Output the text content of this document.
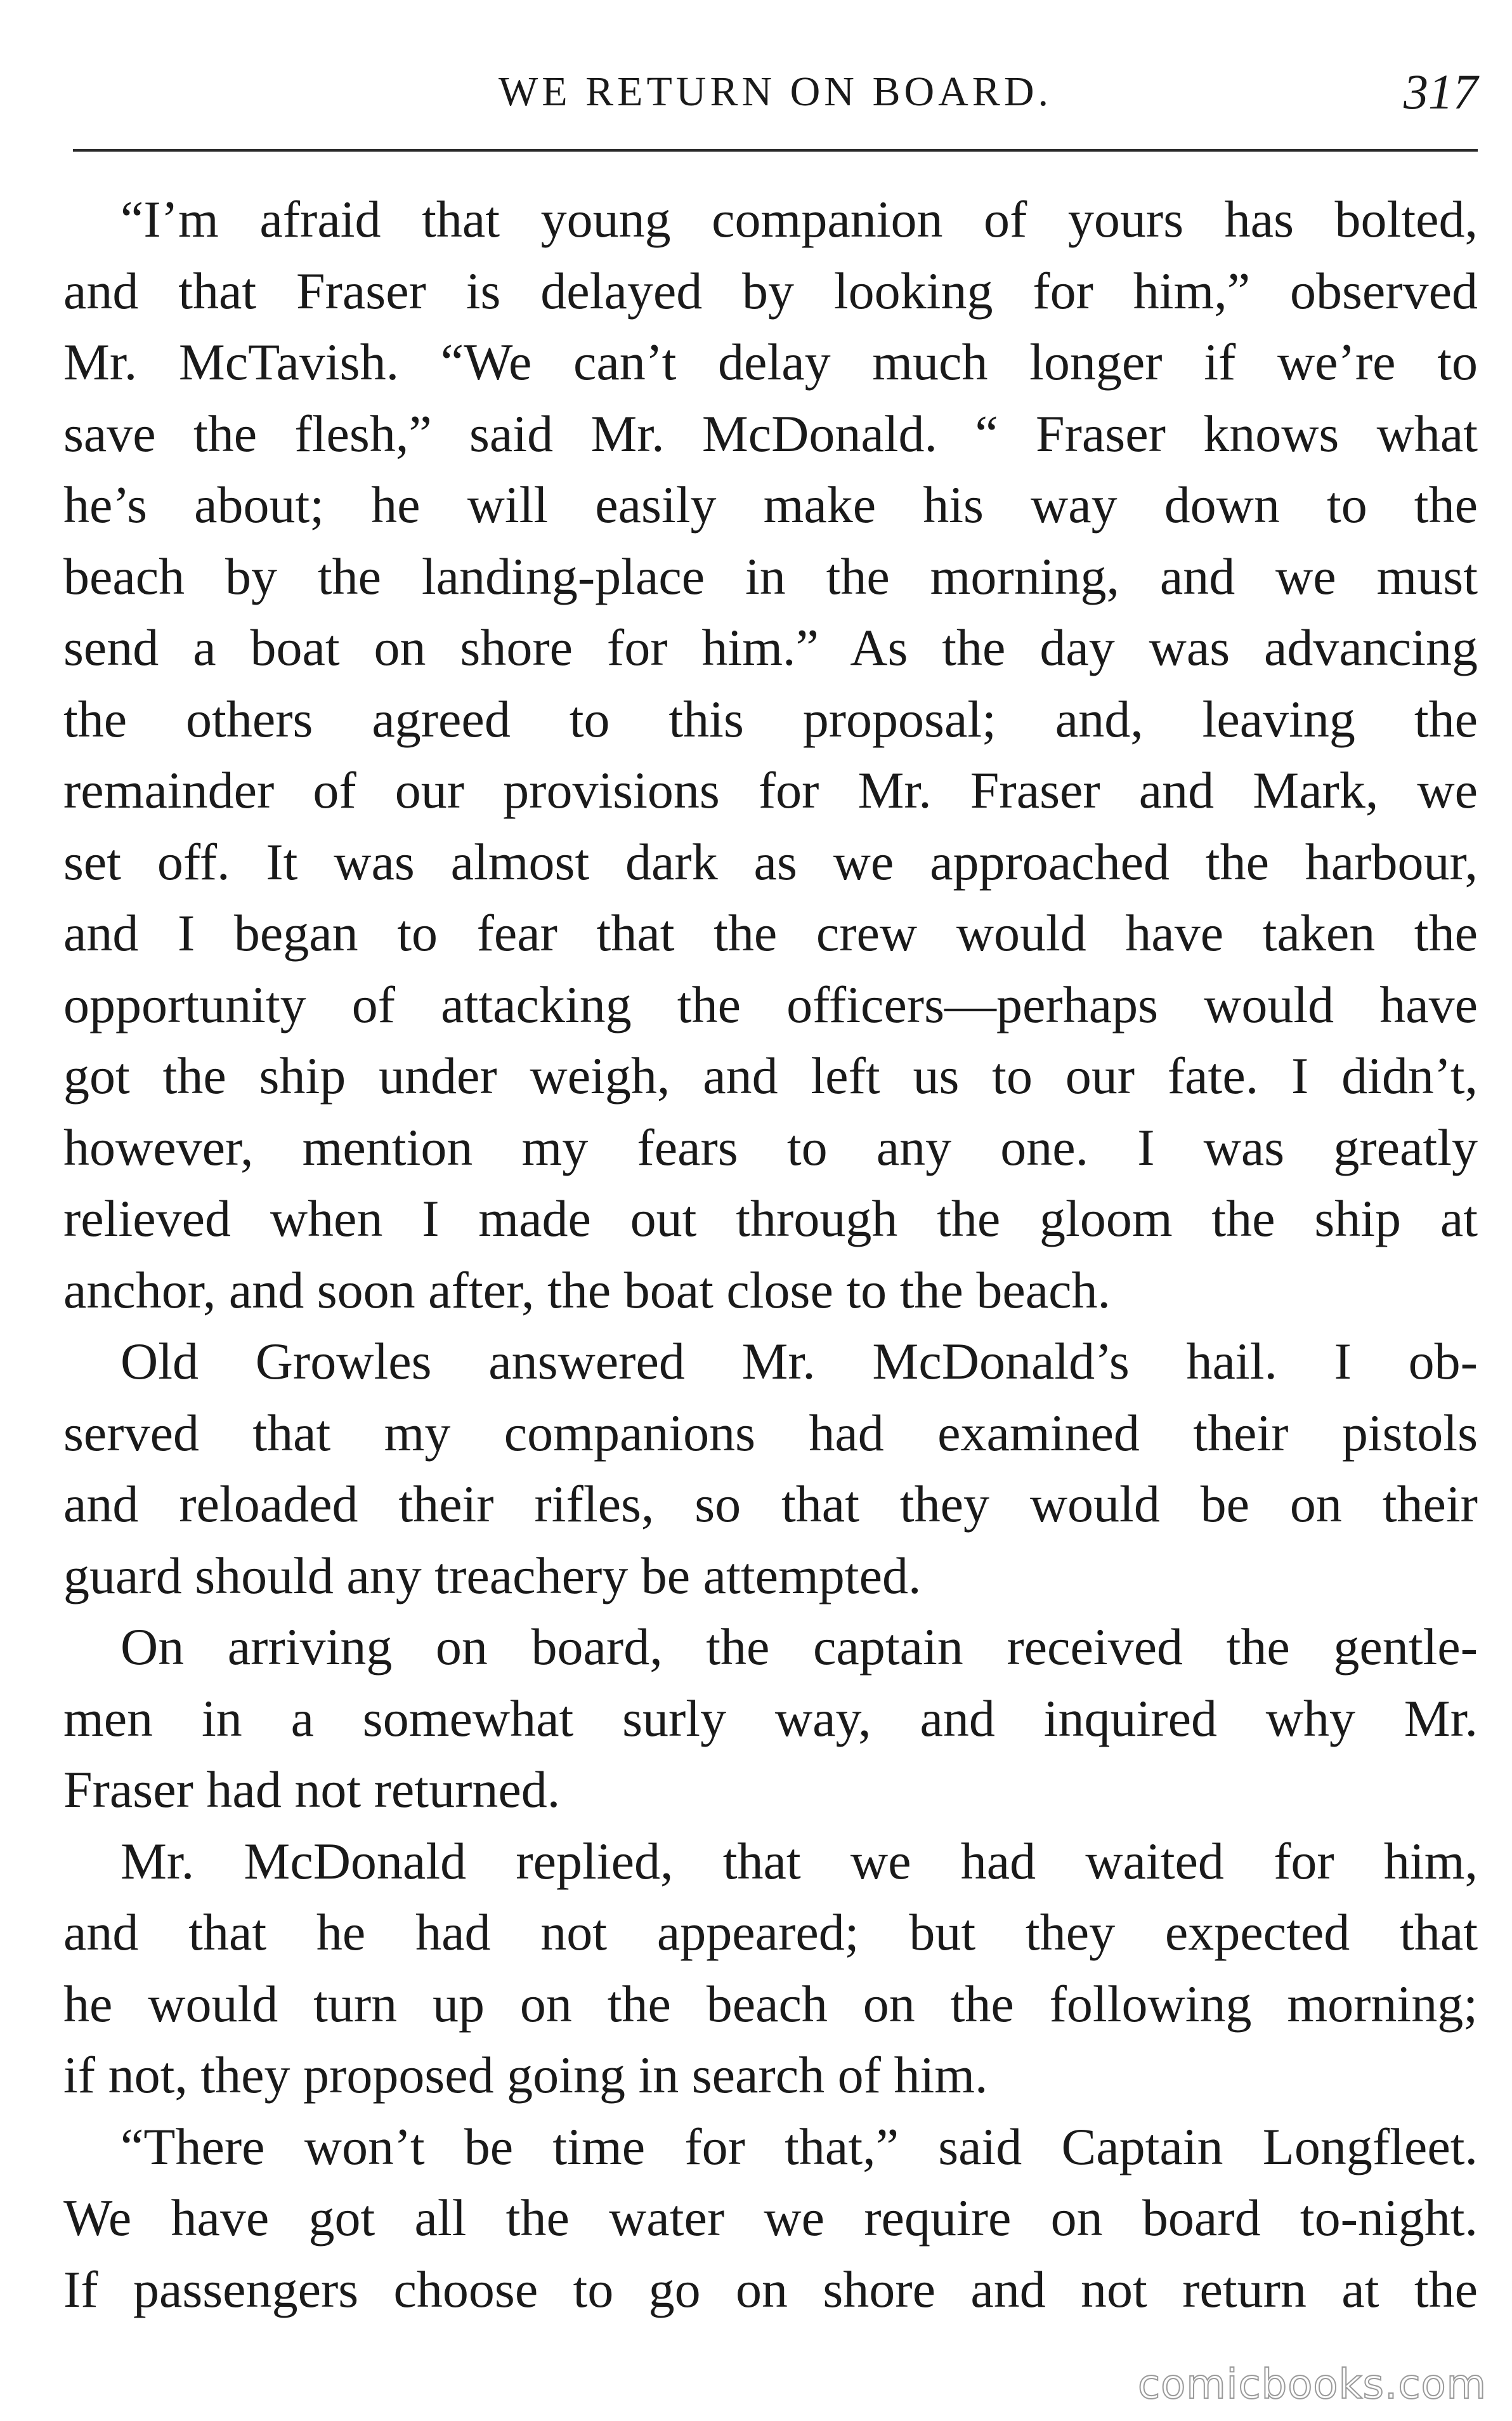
WE RETURN ON BOARD.	317
“I’m afraid that young companion of yours has bolted,
and that Fraser is delayed by looking for him,” observed
Mr. McTavish. “We can’t delay much longer if we’re to
save the flesh,” said Mr. McDonald. “ Fraser knows what
he’s about; he will easily make his way down to the
beach by the landing-place in the morning, and we must
send a boat on shore for him.” As the day was advancing
the others agreed to this proposal; and, leaving the
remainder of our provisions for Mr. Fraser and Mark, we
set off. It was almost dark as we approached the harbour,
and I began to fear that the crew would have taken the
opportunity of attacking the officers—perhaps would have
got the ship under weigh, and left us to our fate. I didn’t,
however, mention my fears to any one. I was greatly
relieved when I made out through the gloom the ship at
anchor, and soon after, the boat close to the beach.
Old Growles answered Mr. McDonald’s hail. I ob-
served that my companions had examined their pistols
and reloaded their rifles, so that they would be on their
guard should any treachery be attempted.
On arriving on board, the captain received the gentle-
men in a somewhat surly way, and inquired why Mr.
Fraser had not returned.
Mr. McDonald replied, that we had waited for him,
and that he had not appeared; but they expected that
he would turn up on the beach on the following morning;
if not, they proposed going in search of him.
“There won’t be time for that,” said Captain Longfleet.
We have got all the water we require on board to-night.
If passengers choose to go on shore and not return at the
comicbooks.com
